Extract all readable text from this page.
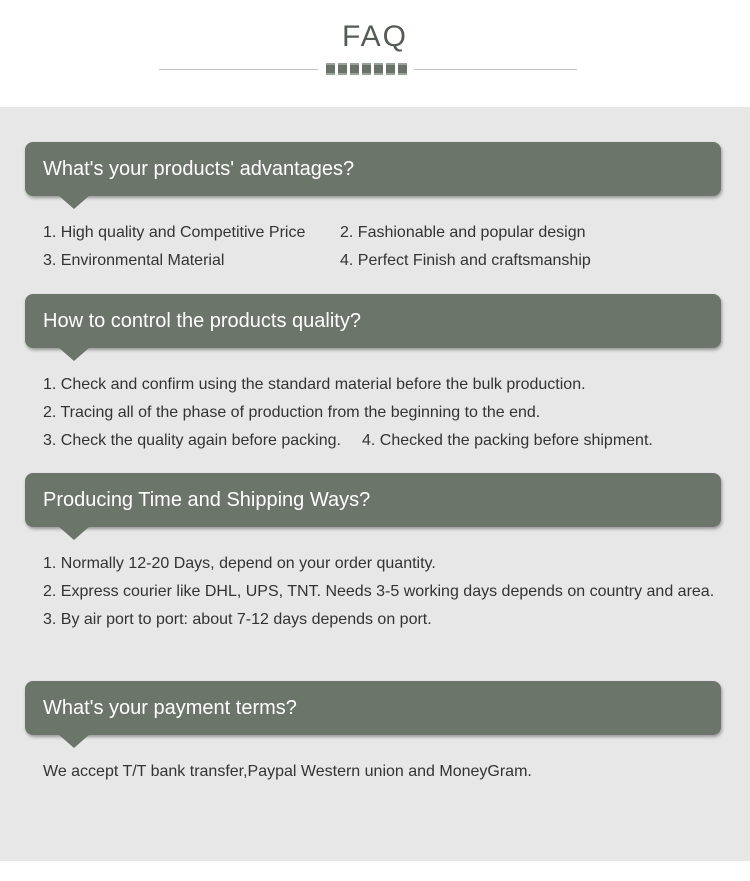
FAQ
What's your products' advantages?
1. High quality and Competitive Price 2. Fashionable and popular design
3. Environmental Material	4. Perfect Finish and craftsmanship
How to control the products quality?
1. Check and confirm using the standard material before the bulk production.
2. Tracing all of the phase of production from the beginning to the end.
3. Check the quality again before packing. 4. Checked the packing before shipment.
Producing Time and Shipping Ways?
1. Normally 12-20 Days, depend on your order quantity.
2. Express courier like DHL, UPS, TNT. Needs 3-5 working days depends on country and area.
3. By air port to port: about 7-12 days depends on port.
What's your payment terms?
We accept T/T bank transfer,Paypal Western union and MoneyGram.
